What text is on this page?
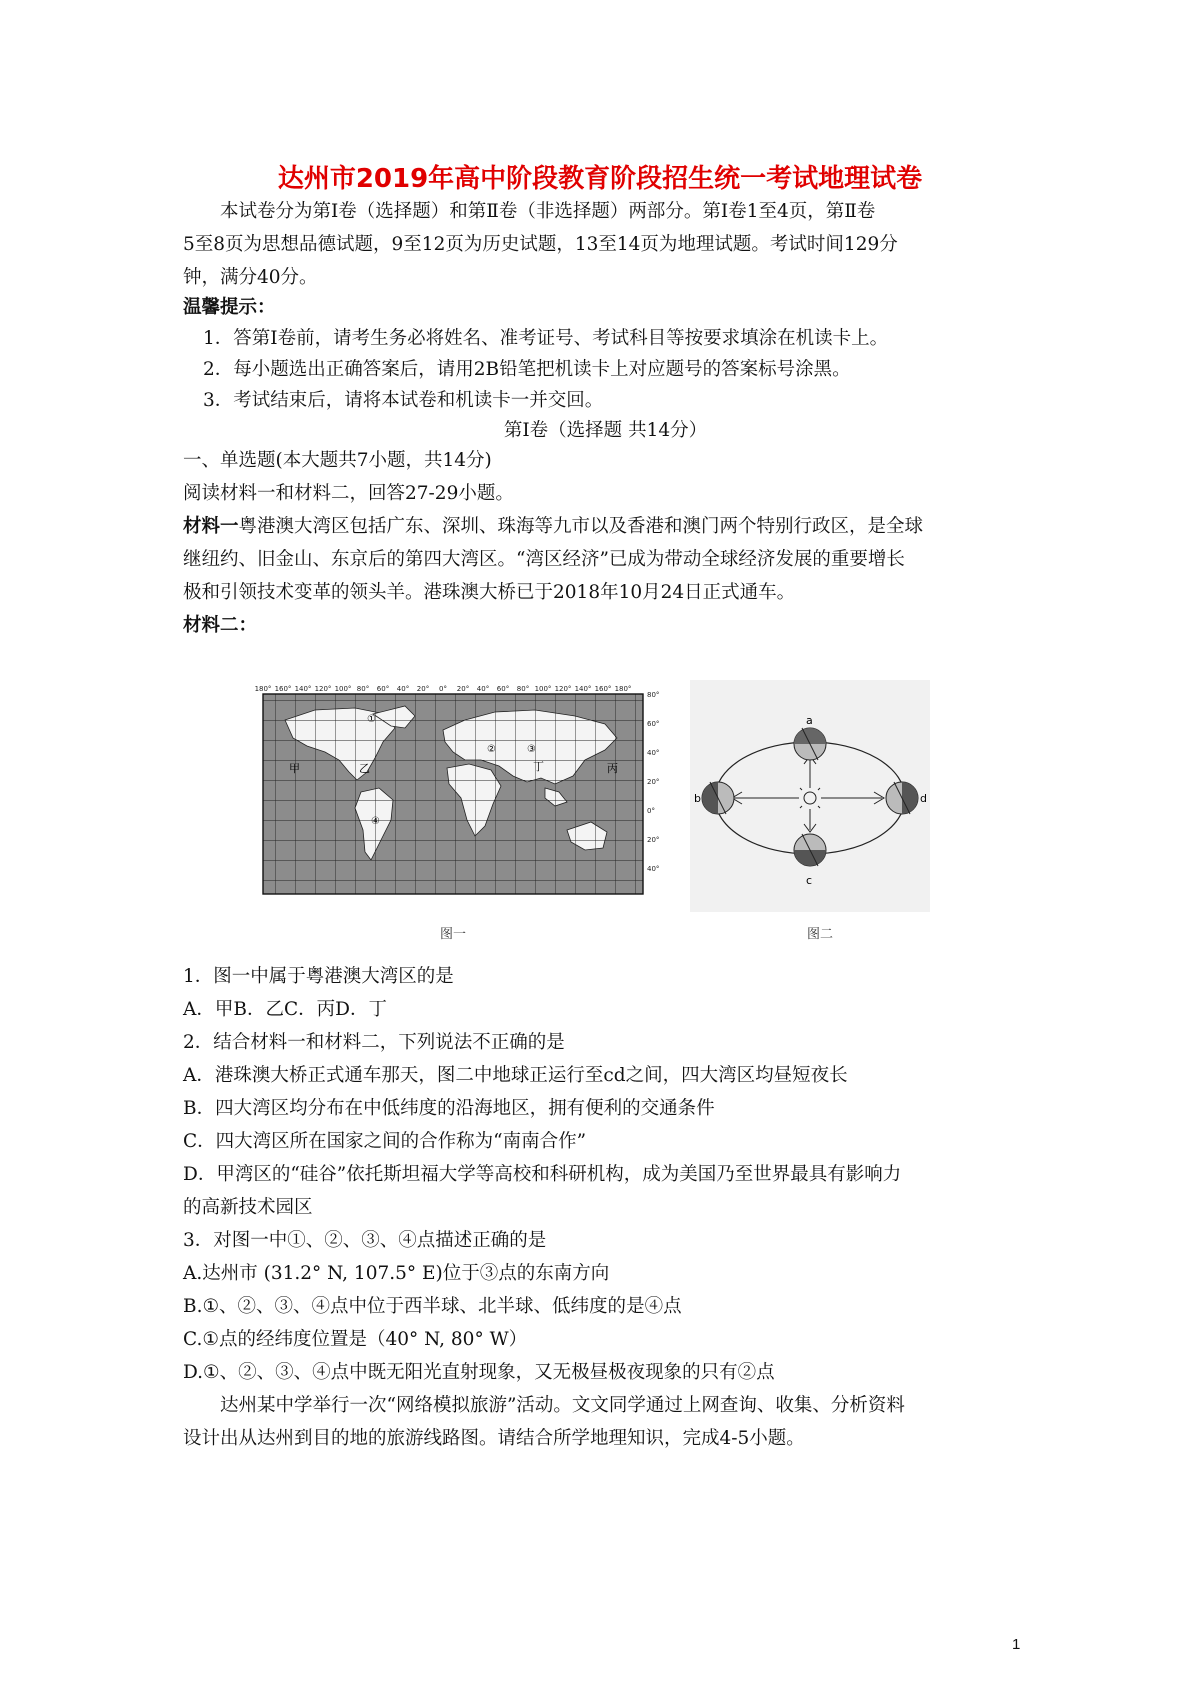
达州市2019年高中阶段教育阶段招生统一考试地理试卷
本试卷分为第Ⅰ卷（选择题）和第Ⅱ卷（非选择题）两部分。第Ⅰ卷1至4页，第Ⅱ卷
5至8页为思想品德试题，9至12页为历史试题，13至14页为地理试题。考试时间129分
钟，满分40分。
温馨提示：
1．答第Ⅰ卷前，请考生务必将姓名、准考证号、考试科目等按要求填涂在机读卡上。
2．每小题选出正确答案后，请用2B铅笔把机读卡上对应题号的答案标号涂黑。
3．考试结束后，请将本试卷和机读卡一并交回。
第Ⅰ卷（选择题 共14分）
一、单选题(本大题共7小题，共14分)
阅读材料一和材料二，回答27-29小题。
材料一粤港澳大湾区包括广东、深圳、珠海等九市以及香港和澳门两个特别行政区，是全球
继纽约、旧金山、东京后的第四大湾区。“湾区经济”已成为带动全球经济发展的重要增长
极和引领技术变革的领头羊。港珠澳大桥已于2018年10月24日正式通车。
材料二：
180° 160° 140° 120° 100° 80° 60° 40° 20° 0° 20° 40° 60° 80° 100° 120° 140° 160° 180°
80°
60°
40°
20°
0°
20°
40°
甲	乙	丙
丁
①
②	③
④
图一
a
b
c
d
图二
1．图一中属于粤港澳大湾区的是
A．甲B．乙C．丙D．丁
2．结合材料一和材料二，下列说法不正确的是
A．港珠澳大桥正式通车那天，图二中地球正运行至cd之间，四大湾区均昼短夜长
B．四大湾区均分布在中低纬度的沿海地区，拥有便利的交通条件
C．四大湾区所在国家之间的合作称为“南南合作”
D．甲湾区的“硅谷”依托斯坦福大学等高校和科研机构，成为美国乃至世界最具有影响力
的高新技术园区
3．对图一中①、②、③、④点描述正确的是
A.达州市 (31.2° N, 107.5° E)位于③点的东南方向
B.①、②、③、④点中位于西半球、北半球、低纬度的是④点
C.①点的经纬度位置是（40° N, 80° W）
D.①、②、③、④点中既无阳光直射现象，又无极昼极夜现象的只有②点
达州某中学举行一次“网络模拟旅游”活动。文文同学通过上网查询、收集、分析资料
设计出从达州到目的地的旅游线路图。请结合所学地理知识，完成4-5小题。
1
